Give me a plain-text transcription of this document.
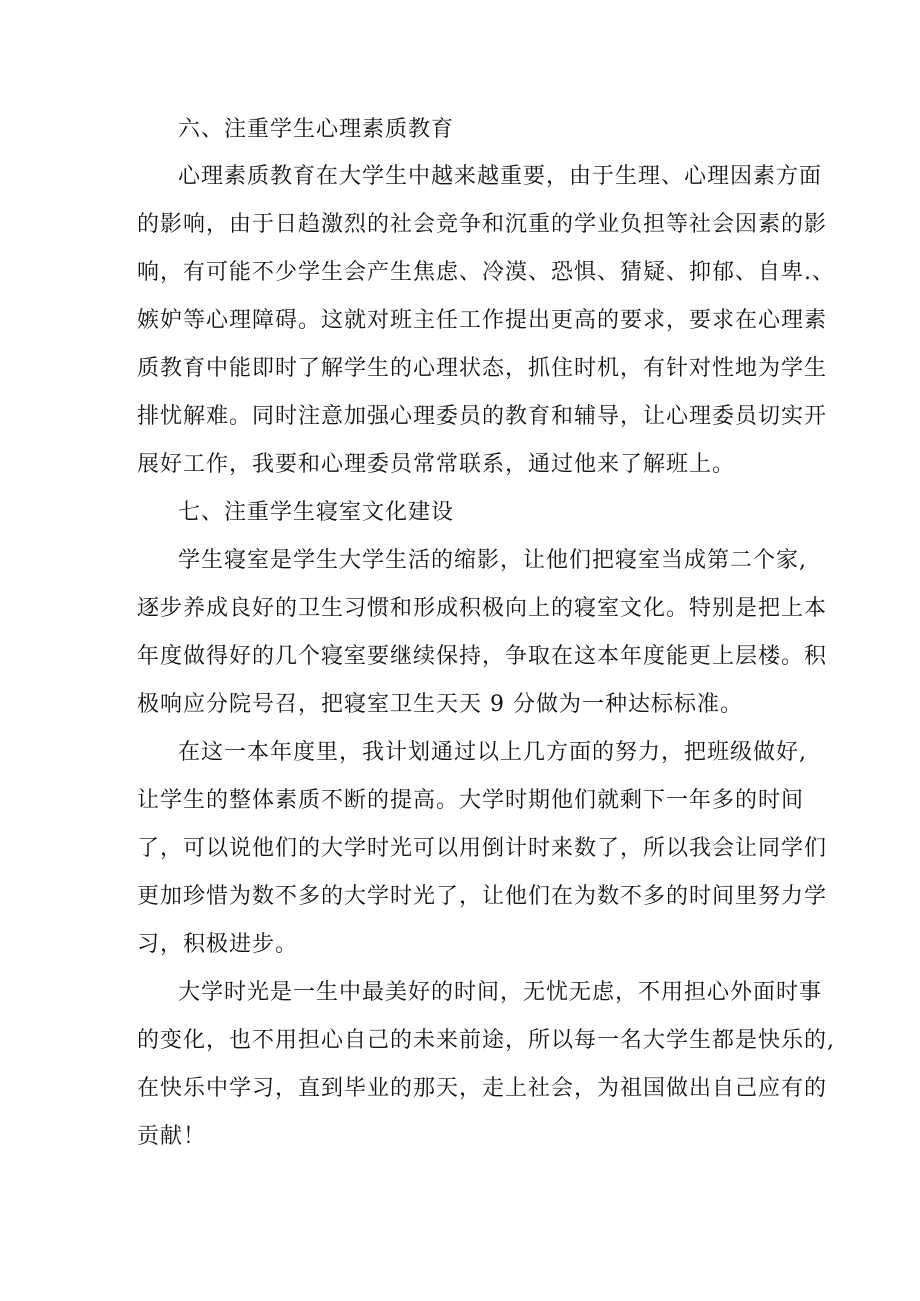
六、注重学生心理素质教育
心理素质教育在大学生中越来越重要，由于生理、心理因素方面
的影响，由于日趋激烈的社会竞争和沉重的学业负担等社会因素的影
响，有可能不少学生会产生焦虑、冷漠、恐惧、猜疑、抑郁、自卑.、
嫉妒等心理障碍。这就对班主任工作提出更高的要求，要求在心理素
质教育中能即时了解学生的心理状态，抓住时机，有针对性地为学生
排忧解难。同时注意加强心理委员的教育和辅导，让心理委员切实开
展好工作，我要和心理委员常常联系，通过他来了解班上。
七、注重学生寝室文化建设
学生寝室是学生大学生活的缩影，让他们把寝室当成第二个家,
逐步养成良好的卫生习惯和形成积极向上的寝室文化。特别是把上本
年度做得好的几个寝室要继续保持，争取在这本年度能更上层楼。积
极响应分院号召，把寝室卫生天天 9 分做为一种达标标准。
在这一本年度里，我计划通过以上几方面的努力，把班级做好,
让学生的整体素质不断的提高。大学时期他们就剩下一年多的时间
了，可以说他们的大学时光可以用倒计时来数了，所以我会让同学们
更加珍惜为数不多的大学时光了，让他们在为数不多的时间里努力学
习，积极进步。
大学时光是一生中最美好的时间，无忧无虑，不用担心外面时事
的变化，也不用担心自己的未来前途，所以每一名大学生都是快乐的,
在快乐中学习，直到毕业的那天，走上社会，为祖国做出自己应有的
贡献！
